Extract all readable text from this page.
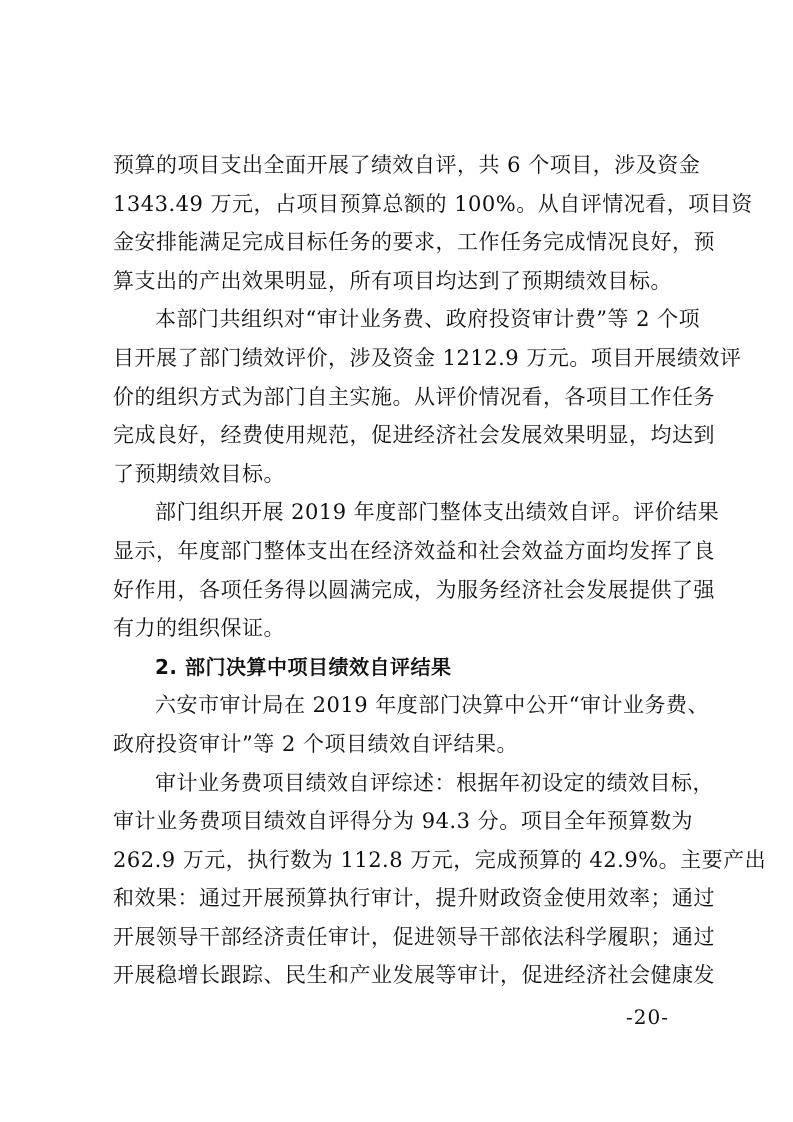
预算的项目支出全面开展了绩效自评，共 6 个项目，涉及资金
1343.49 万元，占项目预算总额的 100%。从自评情况看，项目资
金安排能满足完成目标任务的要求，工作任务完成情况良好，预
算支出的产出效果明显，所有项目均达到了预期绩效目标。
本部门共组织对“审计业务费、政府投资审计费”等 2 个项
目开展了部门绩效评价，涉及资金 1212.9 万元。项目开展绩效评
价的组织方式为部门自主实施。从评价情况看，各项目工作任务
完成良好，经费使用规范，促进经济社会发展效果明显，均达到
了预期绩效目标。
部门组织开展 2019 年度部门整体支出绩效自评。评价结果
显示，年度部门整体支出在经济效益和社会效益方面均发挥了良
好作用，各项任务得以圆满完成，为服务经济社会发展提供了强
有力的组织保证。
2. 部门决算中项目绩效自评结果
六安市审计局在 2019 年度部门决算中公开“审计业务费、
政府投资审计”等 2 个项目绩效自评结果。
审计业务费项目绩效自评综述：根据年初设定的绩效目标，
审计业务费项目绩效自评得分为 94.3 分。项目全年预算数为
262.9 万元，执行数为 112.8 万元，完成预算的 42.9%。主要产出
和效果：通过开展预算执行审计，提升财政资金使用效率；通过
开展领导干部经济责任审计，促进领导干部依法科学履职；通过
开展稳增长跟踪、民生和产业发展等审计，促进经济社会健康发
-20-
